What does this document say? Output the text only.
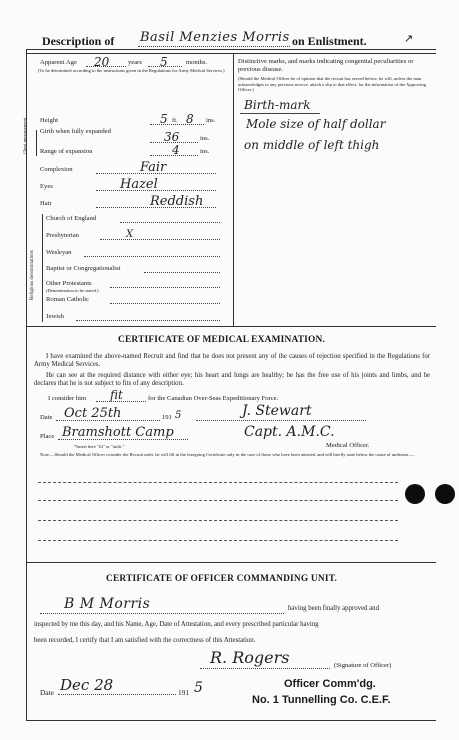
Description of Basil Menzies Morris on Enlistment.	↗
Apparent Age 20	years 5	months.
(To be determined according to the instructions given in the Regulations for Army Medical Services.)
Height	5 ft. 8 ins.
Chest measurement Girth when fully expanded	36	ins.
Range of expansion	4	ins.
Complexion	Fair
Eyes	Hazel
Hair	Reddish
Religious denominations
Church of England
Presbyterian	X
Wesleyan
Baptist or Congregationalist
Other Protestants
(Denomination to be stated.)
Roman Catholic
Jewish
Distinctive marks, and marks indicating congenital peculiarities or previous disease.
(Should the Medical Officer be of opinion that the recruit has served before, he will, unless the man acknowledges to any previous service, attach a slip to that effect, for the information of the Approving Officer.)
Birth-mark
Mole size of half dollar
on middle of left thigh
CERTIFICATE OF MEDICAL EXAMINATION.
I have examined the above-named Recruit and find that he does not present any of the causes of rejection specified in the Regulations for Army Medical Services.
He can see at the required distance with either eye; his heart and lungs are healthy; he has the free use of his joints and limbs, and he declares that he is not subject to fits of any description.
I consider him fit	for the Canadian Over-Seas Expeditionary Force.
Date Oct 25th	191 5	J. Stewart
Place Bramshott Camp	Capt. A.M.C.
Medical Officer.
*Insert here "fit" or "unfit."
Note.—Should the Medical Officer consider the Recruit unfit, he will fill in the foregoing Certificate only in the case of those who have been attested, and will briefly state below the cause of unfitness:—
CERTIFICATE OF OFFICER COMMANDING UNIT.
B M Morris	having been finally approved and
inspected by me this day, and his Name, Age, Date of Attestation, and every prescribed particular having
been recorded, I certify that I am satisfied with the correctness of this Attestation.
R. Rogers	(Signature of Officer)
Date Dec 28	191 5	Officer Comm'dg.
No. 1 Tunnelling Co. C.E.F.
